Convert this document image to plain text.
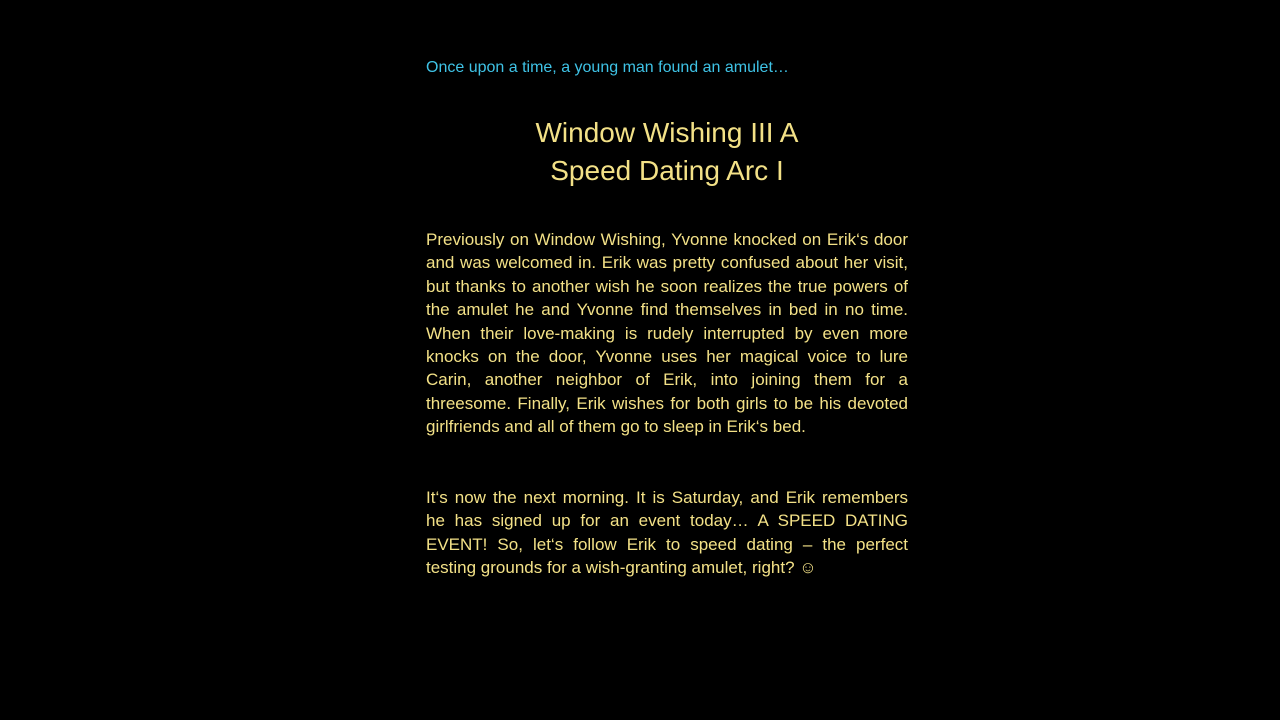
Once upon a time, a young man found an amulet…
Window Wishing III A
Speed Dating Arc I
Previously on Window Wishing, Yvonne knocked on Erik‘s door and was welcomed in. Erik was pretty confused about her visit, but thanks to another wish he soon realizes the true powers of the amulet he and Yvonne find themselves in bed in no time. When their love-making is rudely interrupted by even more knocks on the door, Yvonne uses her magical voice to lure Carin, another neighbor of Erik, into joining them for a threesome. Finally, Erik wishes for both girls to be his devoted girlfriends and all of them go to sleep in Erik‘s bed.
It‘s now the next morning. It is Saturday, and Erik remembers he has signed up for an event today… A SPEED DATING EVENT! So, let‘s follow Erik to speed dating – the perfect testing grounds for a wish-granting amulet, right? ☺
